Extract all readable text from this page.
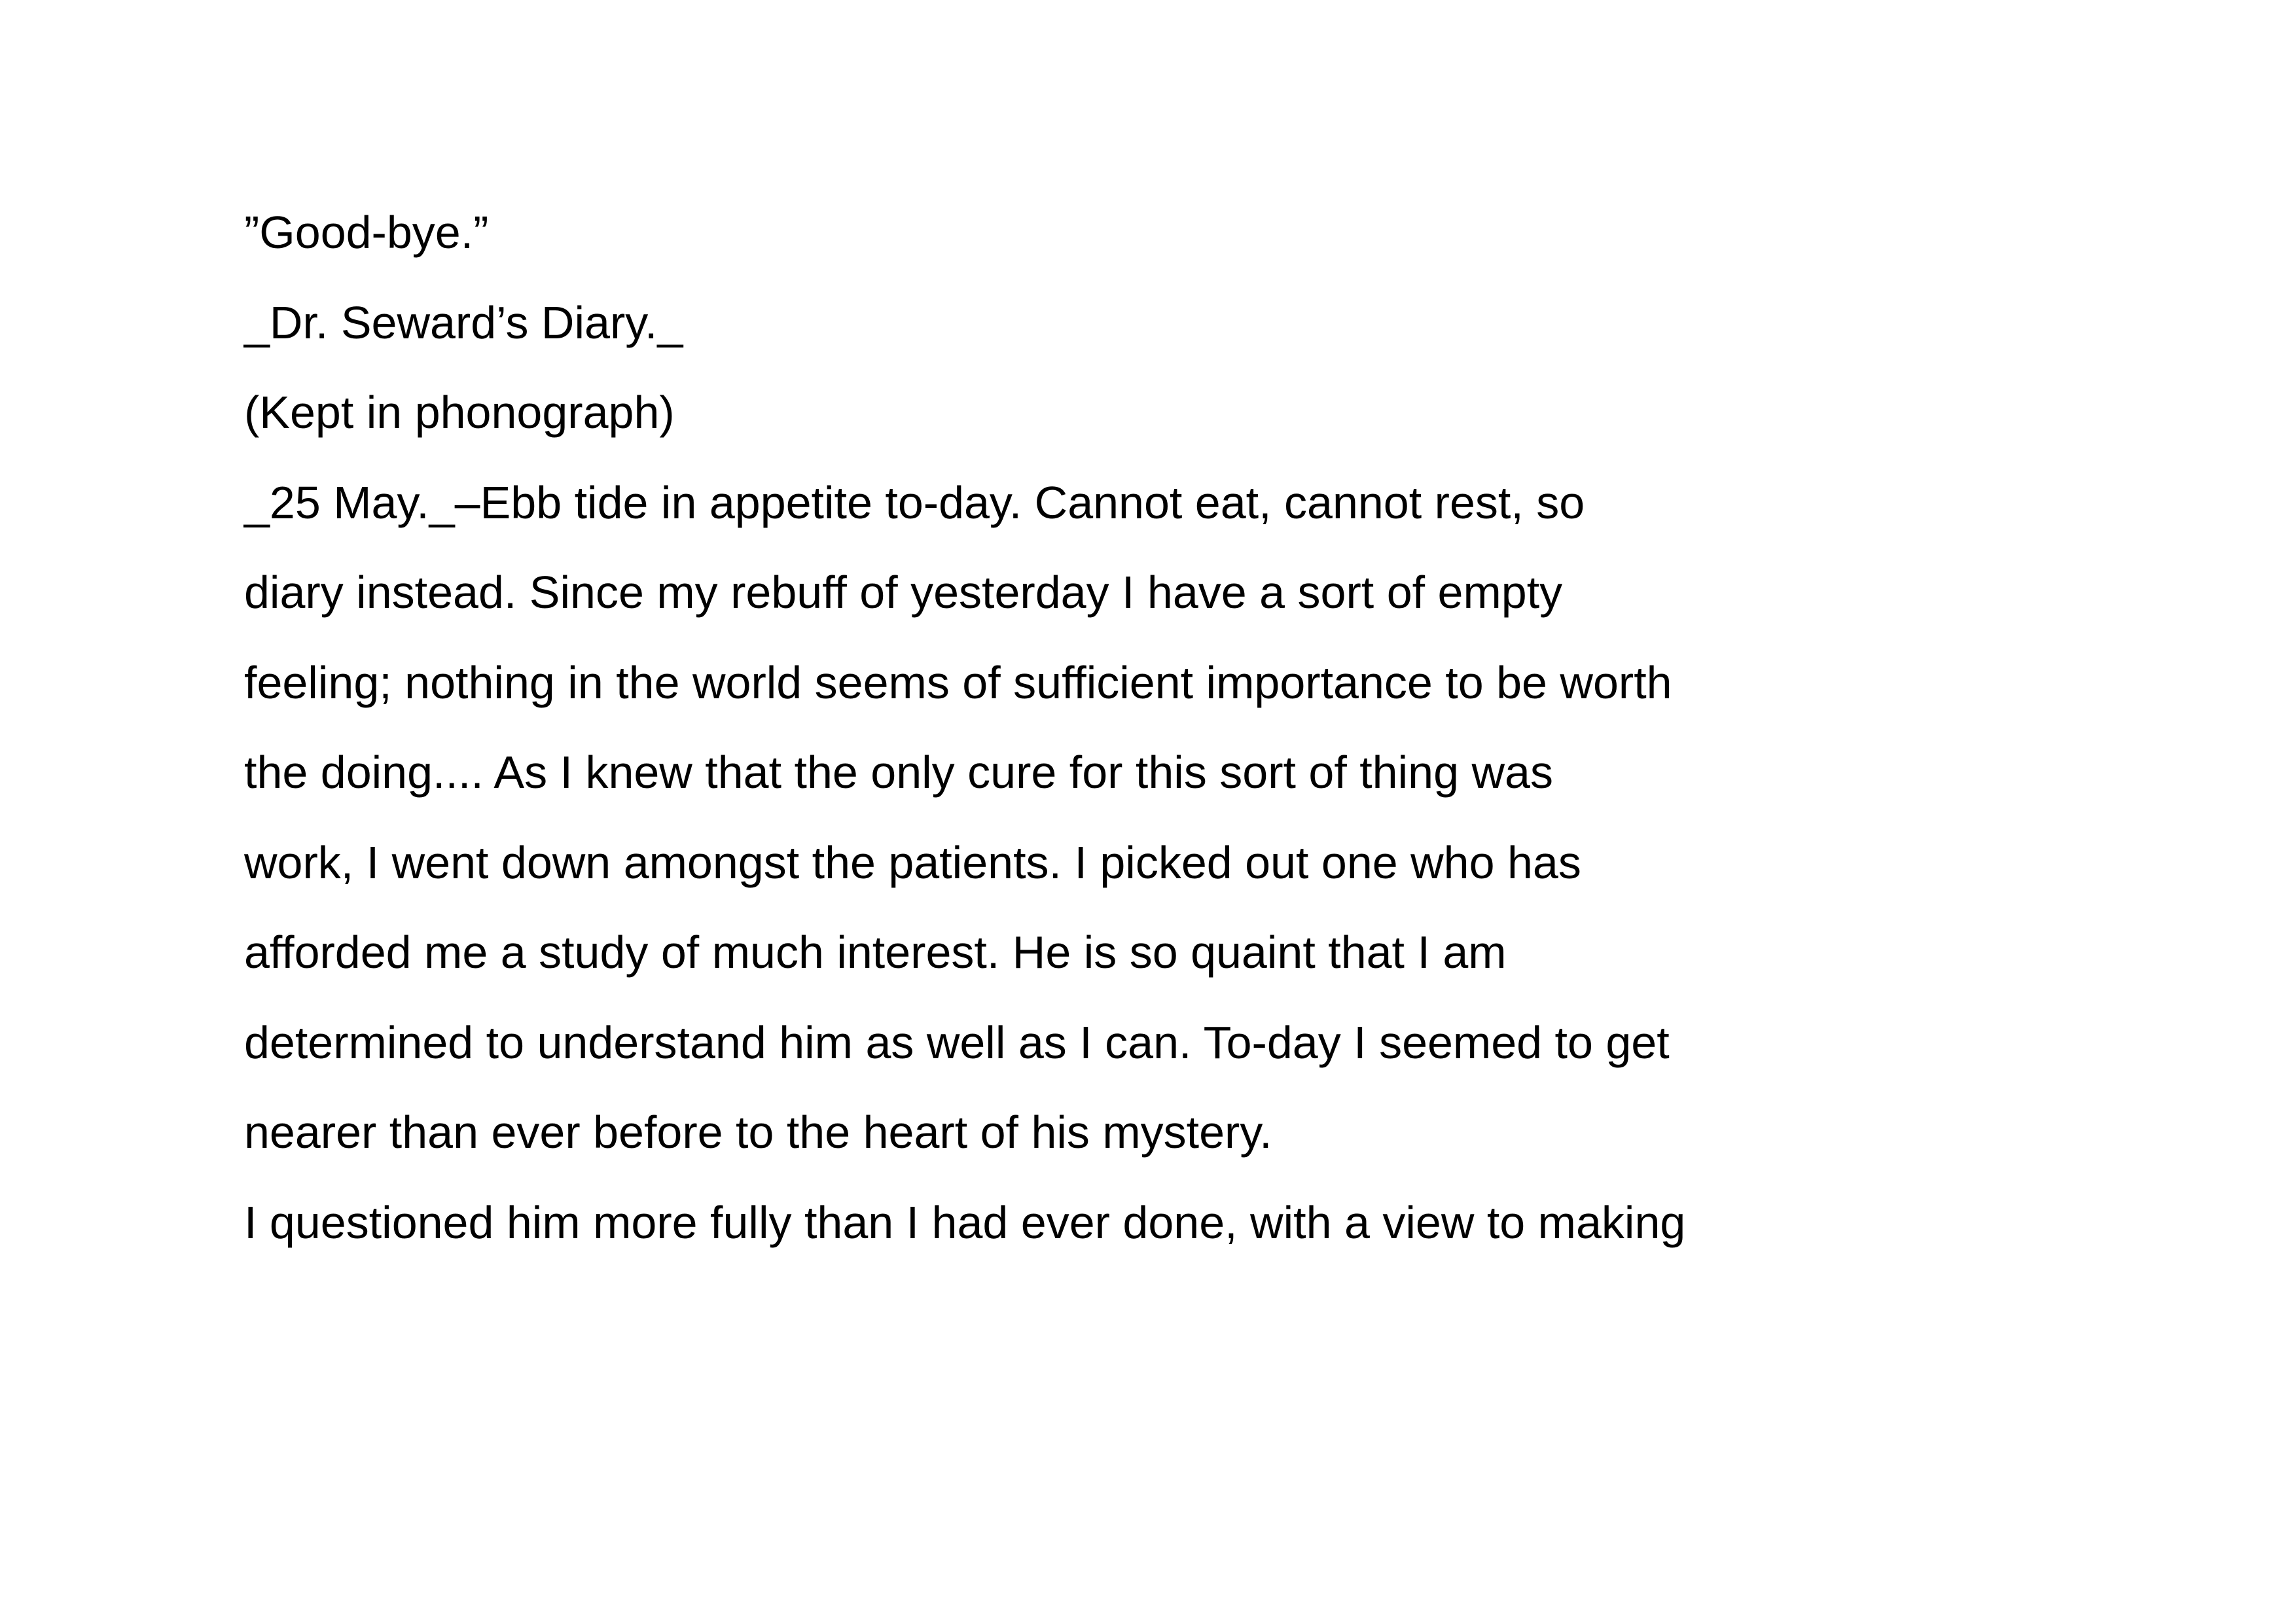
”Good-bye.”
_Dr. Seward’s Diary._
(Kept in phonograph)
_25 May._–Ebb tide in appetite to-day. Cannot eat, cannot rest, so
diary instead. Since my rebuff of yesterday I have a sort of empty
feeling; nothing in the world seems of sufficient importance to be worth
the doing.... As I knew that the only cure for this sort of thing was
work, I went down amongst the patients. I picked out one who has
afforded me a study of much interest. He is so quaint that I am
determined to understand him as well as I can. To-day I seemed to get
nearer than ever before to the heart of his mystery.
I questioned him more fully than I had ever done, with a view to making
